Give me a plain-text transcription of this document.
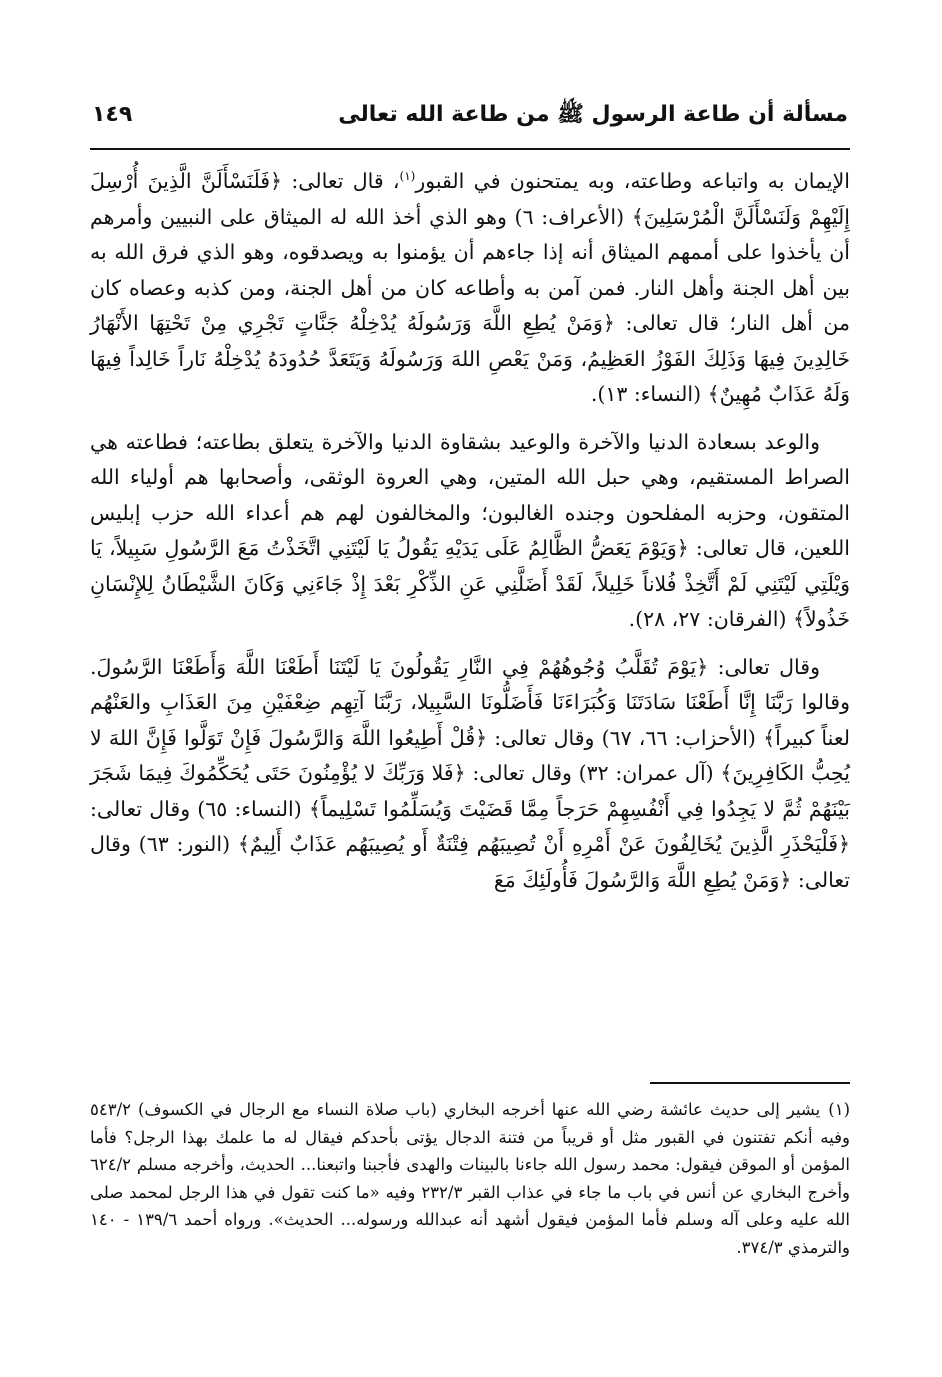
مسألة أن طاعة الرسول ﷺ من طاعة الله تعالى
١٤٩

الإيمان به واتباعه وطاعته، وبه يمتحنون في القبور$^{(١)}$، قال تعالى: ﴿فَلَنَسْأَلَنَّ الَّذِينَ أُرْسِلَ إِلَيْهِمْ وَلَنَسْأَلَنَّ الْمُرْسَلِينَ﴾ (الأعراف: ٦) وهو الذي أخذ الله له الميثاق على النبيين وأمرهم أن يأخذوا على أممهم الميثاق أنه إذا جاءهم أن يؤمنوا به ويصدقوه، وهو الذي فرق الله به بين أهل الجنة وأهل النار. فمن آمن به وأطاعه كان من أهل الجنة، ومن كذبه وعصاه كان من أهل النار؛ قال تعالى: ﴿وَمَنْ يُطِعِ اللَّهَ وَرَسُولَهُ يُدْخِلْهُ جَنَّاتٍ تَجْرِي مِنْ تَحْتِهَا الأَنْهَارُ خَالِدِينَ فِيهَا وَذَلِكَ الفَوْزُ العَظِيمُ، وَمَنْ يَعْصِ اللهَ وَرَسُولَهُ وَيَتَعَدَّ حُدُودَهُ يُدْخِلْهُ نَاراً خَالِداً فِيهَا وَلَهُ عَذَابٌ مُهِينٌ﴾ (النساء: ١٣).

والوعد بسعادة الدنيا والآخرة والوعيد بشقاوة الدنيا والآخرة يتعلق بطاعته؛ فطاعته هي الصراط المستقيم، وهي حبل الله المتين، وهي العروة الوثقى، وأصحابها هم أولياء الله المتقون، وحزبه المفلحون وجنده الغالبون؛ والمخالفون لهم هم أعداء الله حزب إبليس اللعين، قال تعالى: ﴿وَيَوْمَ يَعَضُّ الظَّالِمُ عَلَى يَدَيْهِ يَقُولُ يَا لَيْتَنِي اتَّخَذْتُ مَعَ الرَّسُولِ سَبِيلاً، يَا وَيْلَتِي لَيْتَنِي لَمْ أَتَّخِذْ فُلاناً خَلِيلاً، لَقَدْ أَضَلَّنِي عَنِ الذِّكْرِ بَعْدَ إِذْ جَاءَنِي وَكَانَ الشَّيْطَانُ لِلإِنْسَانِ خَذُولاً﴾ (الفرقان: ٢٧، ٢٨).

وقال تعالى: ﴿يَوْمَ تُقَلَّبُ وُجُوهُهُمْ فِي النَّارِ يَقُولُونَ يَا لَيْتَنَا أَطَعْنَا اللَّهَ وَأَطَعْنَا الرَّسُولَ. وقالوا رَبَّنَا إِنَّا أَطَعْنَا سَادَتَنَا وَكُبَرَاءَنَا فَأَضَلُّونَا السَّبِيلا، رَبَّنَا آتِهِم ضِعْفَيْنِ مِنَ العَذَابِ والعَنْهُم لعناً كبيراً﴾ (الأحزاب: ٦٦، ٦٧) وقال تعالى: ﴿قُلْ أَطِيعُوا اللَّهَ وَالرَّسُولَ فَإِنْ تَوَلَّوا فَإِنَّ اللهَ لا يُحِبُّ الكَافِرِينَ﴾ (آل عمران: ٣٢) وقال تعالى: ﴿فَلا وَرَبِّكَ لا يُؤْمِنُونَ حَتَى يُحَكِّمُوكَ فِيمَا شَجَرَ بَيْنَهُمْ ثُمَّ لا يَجِدُوا فِي أَنْفُسِهِمْ حَرَجاً مِمَّا قَضَيْتَ وَيُسَلِّمُوا تَسْلِيماً﴾ (النساء: ٦٥) وقال تعالى: ﴿فَلْيَحْذَرِ الَّذِينَ يُخَالِفُونَ عَنْ أَمْرِهِ أَنْ تُصِيبَهُم فِتْنَةٌ أَو يُصِيبَهُم عَذَابٌ أَلِيمٌ﴾ (النور: ٦٣) وقال تعالى: ﴿وَمَنْ يُطِعِ اللَّهَ وَالرَّسُولَ فَأُولَئِكَ مَعَ

(١)يشير إلى حديث عائشة رضي الله عنها أخرجه البخاري (باب صلاة النساء مع الرجال في الكسوف) ٥٤٣/٢ وفيه أنكم تفتنون في القبور مثل أو قريباً من فتنة الدجال يؤتى بأحدكم فيقال له ما علمك بهذا الرجل؟ فأما المؤمن أو الموقن فيقول: محمد رسول الله جاءنا بالبينات والهدى فأجبنا واتبعنا... الحديث، وأخرجه مسلم ٦٢٤/٢ وأخرج البخاري عن أنس في باب ما جاء في عذاب القبر ٢٣٢/٣ وفيه «ما كنت تقول في هذا الرجل لمحمد صلى الله عليه وعلى آله وسلم فأما المؤمن فيقول أشهد أنه عبدالله ورسوله... الحديث». ورواه أحمد ١٣٩/٦ - ١٤٠ والترمذي ٣٧٤/٣.
